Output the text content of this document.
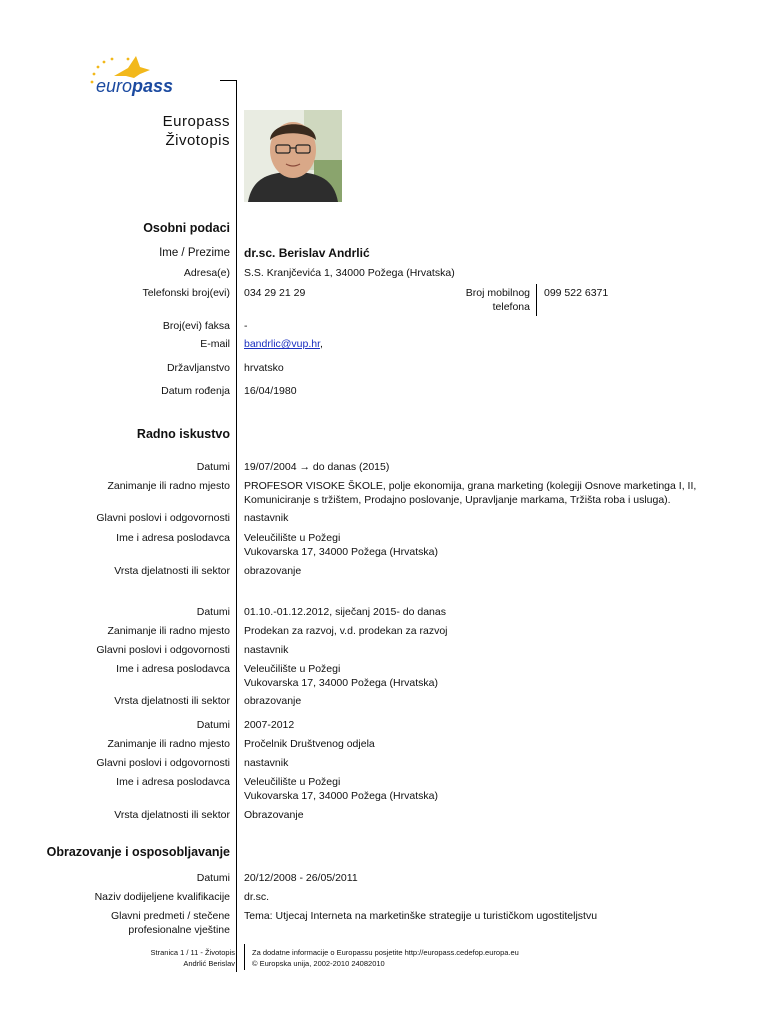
europass
Europass
Životopis
Osobni podaci
Ime / Prezime dr.sc. Berislav Andrlić
Adresa(e) S.S. Kranjčevića 1, 34000 Požega (Hrvatska)
Telefonski broj(evi) 034 29 21 29	Broj mobilnog
telefona
099 522 6371
Broj(evi) faksa -
E-mail bandrlic@vup.hr,
Državljanstvo hrvatsko
Datum rođenja 16/04/1980
Radno iskustvo
Datumi 19/07/2004 → do danas (2015)
Zanimanje ili radno mjesto PROFESOR VISOKE ŠKOLE, polje ekonomija, grana marketing (kolegiji Osnove marketinga I, II,
Komuniciranje s tržištem, Prodajno poslovanje, Upravljanje markama, Tržišta roba i usluga).
Glavni poslovi i odgovornosti nastavnik
Ime i adresa poslodavca Veleučilište u Požegi
Vukovarska 17, 34000 Požega (Hrvatska)
Vrsta djelatnosti ili sektor obrazovanje
Datumi 01.10.-01.12.2012, siječanj 2015- do danas
Zanimanje ili radno mjesto Prodekan za razvoj, v.d. prodekan za razvoj
Glavni poslovi i odgovornosti nastavnik
Ime i adresa poslodavca Veleučilište u Požegi
Vukovarska 17, 34000 Požega (Hrvatska)
Vrsta djelatnosti ili sektor obrazovanje
Datumi 2007-2012
Zanimanje ili radno mjesto Pročelnik Društvenog odjela
Glavni poslovi i odgovornosti nastavnik
Ime i adresa poslodavca Veleučilište u Požegi
Vukovarska 17, 34000 Požega (Hrvatska)
Vrsta djelatnosti ili sektor Obrazovanje
Obrazovanje i osposobljavanje
Datumi 20/12/2008 - 26/05/2011
Naziv dodijeljene kvalifikacije dr.sc.
Glavni predmeti / stečene
profesionalne vještine
Tema: Utjecaj Interneta na marketinške strategije u turističkom ugostiteljstvu
Stranica 1 / 11 - Životopis
Andrlić Berislav
Za dodatne informacije o Europassu posjetite http://europass.cedefop.europa.eu
© Europska unija, 2002-2010 24082010
